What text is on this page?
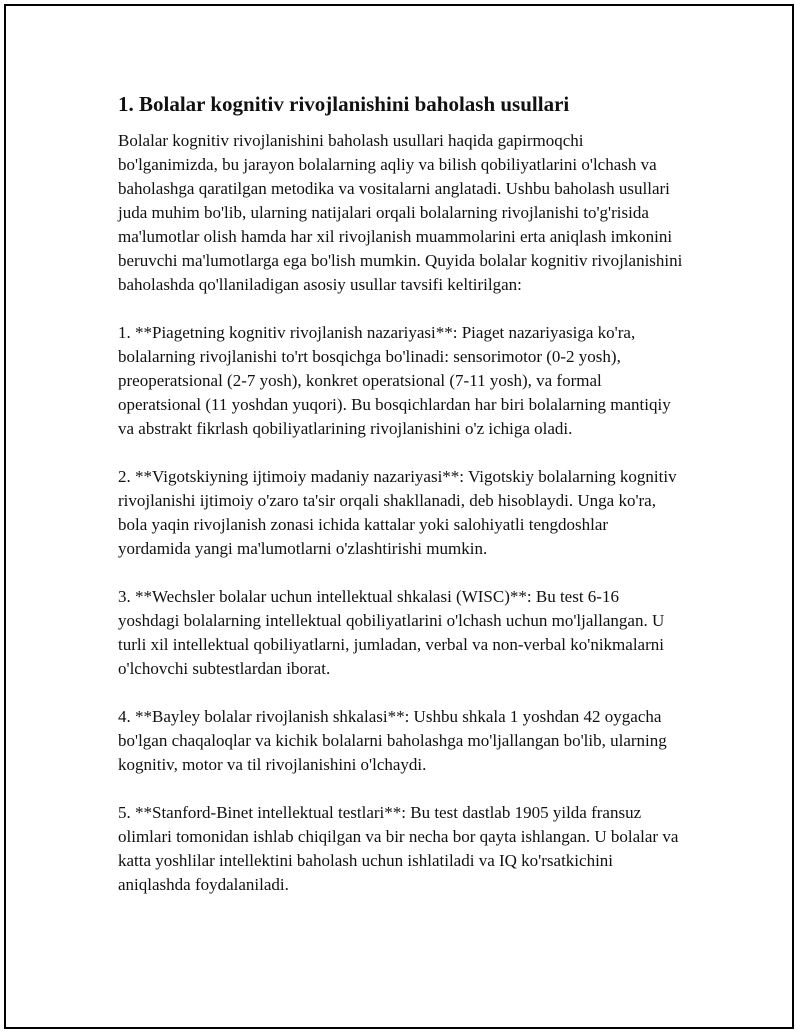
1. Bolalar kognitiv rivojlanishini baholash usullari

Bolalar kognitiv rivojlanishini baholash usullari haqida gapirmoqchi bo'lganimizda, bu jarayon bolalarning aqliy va bilish qobiliyatlarini o'lchash va baholashga qaratilgan metodika va vositalarni anglatadi. Ushbu baholash usullari juda muhim bo'lib, ularning natijalari orqali bolalarning rivojlanishi to'g'risida ma'lumotlar olish hamda har xil rivojlanish muammolarini erta aniqlash imkonini beruvchi ma'lumotlarga ega bo'lish mumkin. Quyida bolalar kognitiv rivojlanishini baholashda qo'llaniladigan asosiy usullar tavsifi keltirilgan:

1. **Piagetning kognitiv rivojlanish nazariyasi**: Piaget nazariyasiga ko'ra, bolalarning rivojlanishi to'rt bosqichga bo'linadi: sensorimotor (0-2 yosh), preoperatsional (2-7 yosh), konkret operatsional (7-11 yosh), va formal operatsional (11 yoshdan yuqori). Bu bosqichlardan har biri bolalarning mantiqiy va abstrakt fikrlash qobiliyatlarining rivojlanishini o'z ichiga oladi.

2. **Vigotskiyning ijtimoiy madaniy nazariyasi**: Vigotskiy bolalarning kognitiv rivojlanishi ijtimoiy o'zaro ta'sir orqali shakllanadi, deb hisoblaydi. Unga ko'ra, bola yaqin rivojlanish zonasi ichida kattalar yoki salohiyatli tengdoshlar yordamida yangi ma'lumotlarni o'zlashtirishi mumkin.

3. **Wechsler bolalar uchun intellektual shkalasi (WISC)**: Bu test 6-16 yoshdagi bolalarning intellektual qobiliyatlarini o'lchash uchun mo'ljallangan. U turli xil intellektual qobiliyatlarni, jumladan, verbal va non-verbal ko'nikmalarni o'lchovchi subtestlardan iborat.

4. **Bayley bolalar rivojlanish shkalasi**: Ushbu shkala 1 yoshdan 42 oygacha bo'lgan chaqaloqlar va kichik bolalarni baholashga mo'ljallangan bo'lib, ularning kognitiv, motor va til rivojlanishini o'lchaydi.

5. **Stanford-Binet intellektual testlari**: Bu test dastlab 1905 yilda fransuz olimlari tomonidan ishlab chiqilgan va bir necha bor qayta ishlangan. U bolalar va katta yoshlilar intellektini baholash uchun ishlatiladi va IQ ko'rsatkichini aniqlashda foydalaniladi.
